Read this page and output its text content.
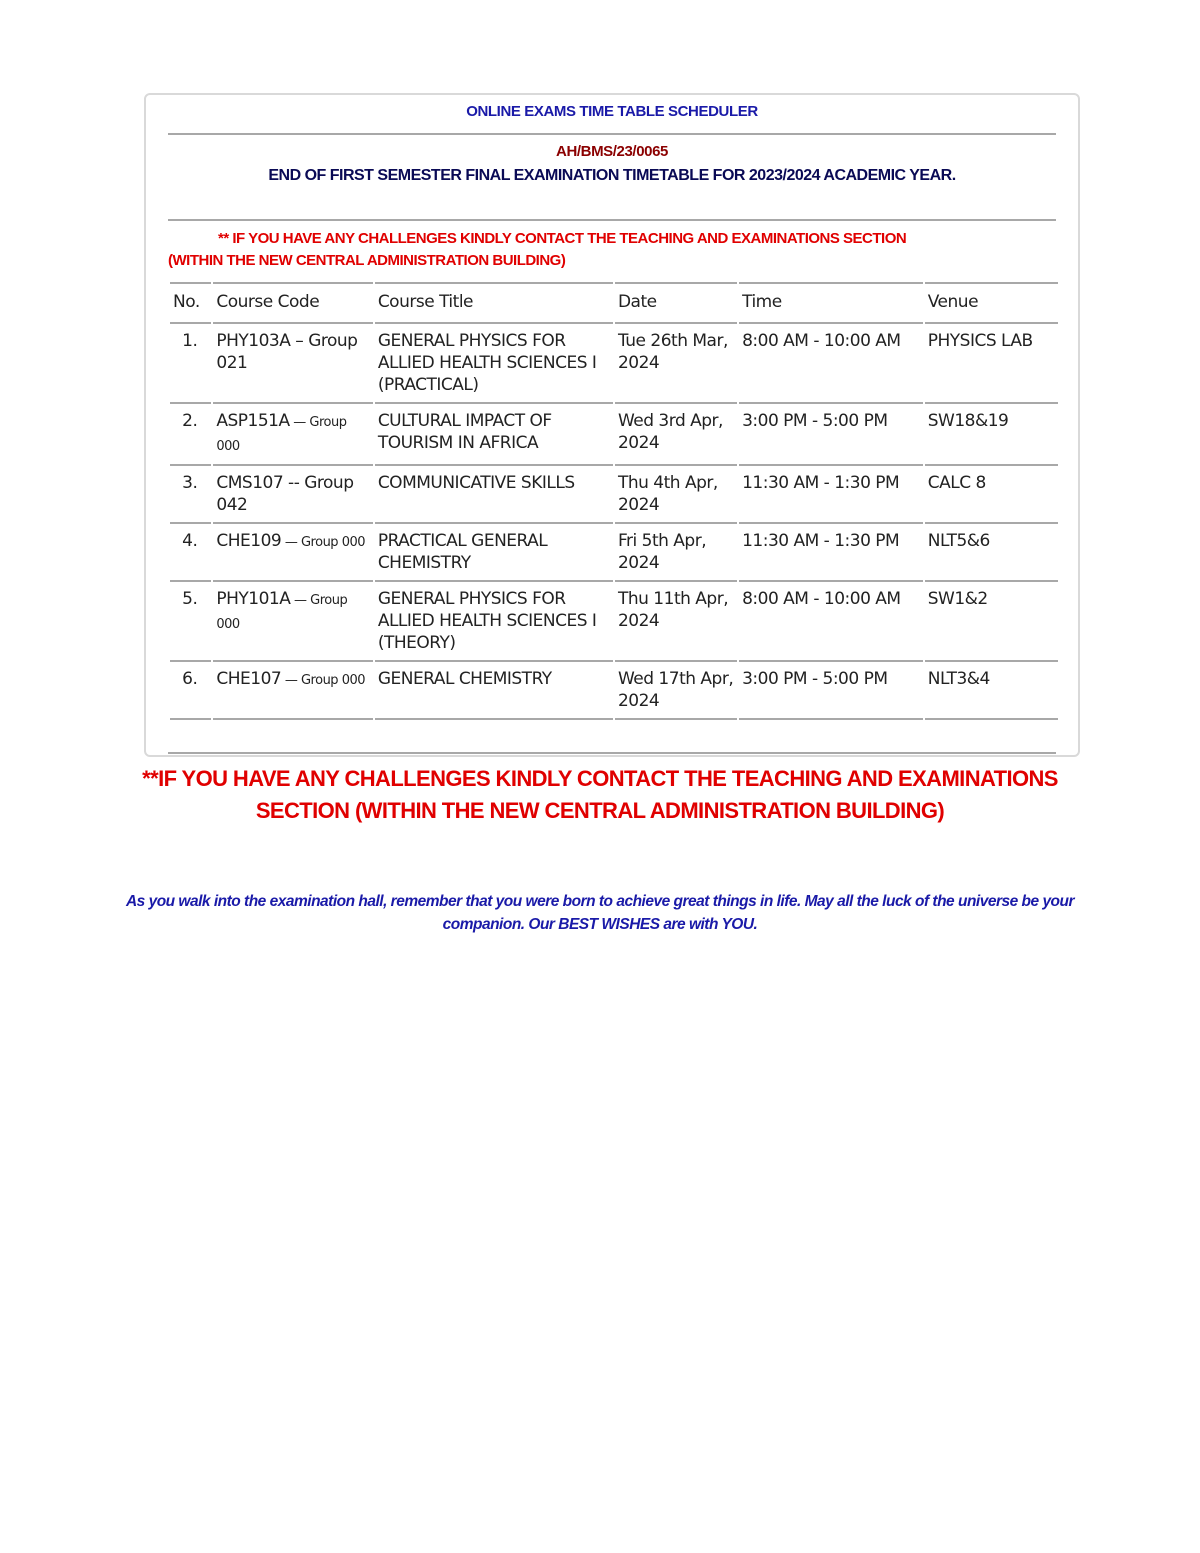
ONLINE EXAMS TIME TABLE SCHEDULER
AH/BMS/23/0065
END OF FIRST SEMESTER FINAL EXAMINATION TIMETABLE FOR 2023/2024 ACADEMIC YEAR.
** IF YOU HAVE ANY CHALLENGES KINDLY CONTACT THE TEACHING AND EXAMINATIONS SECTION (WITHIN THE NEW CENTRAL ADMINISTRATION BUILDING)
No.	Course Code	Course Title	Date	Time	Venue
1.	PHY103A – Group 021	GENERAL PHYSICS FOR ALLIED HEALTH SCIENCES I (PRACTICAL)	Tue 26th Mar, 2024	8:00 AM - 10:00 AM	PHYSICS LAB
2.	ASP151A — Group 000	CULTURAL IMPACT OF TOURISM IN AFRICA	Wed 3rd Apr, 2024	3:00 PM - 5:00 PM	SW18&19
3.	CMS107 -- Group 042	COMMUNICATIVE SKILLS	Thu 4th Apr, 2024	11:30 AM - 1:30 PM	CALC 8
4.	CHE109 — Group 000	PRACTICAL GENERAL CHEMISTRY	Fri 5th Apr, 2024	11:30 AM - 1:30 PM	NLT5&6
5.	PHY101A — Group 000	GENERAL PHYSICS FOR ALLIED HEALTH SCIENCES I (THEORY)	Thu 11th Apr, 2024	8:00 AM - 10:00 AM	SW1&2
6.	CHE107 — Group 000	GENERAL CHEMISTRY	Wed 17th Apr, 2024	3:00 PM - 5:00 PM	NLT3&4

**IF YOU HAVE ANY CHALLENGES KINDLY CONTACT THE TEACHING AND EXAMINATIONS SECTION (WITHIN THE NEW CENTRAL ADMINISTRATION BUILDING)
As you walk into the examination hall, remember that you were born to achieve great things in life. May all the luck of the universe be your companion. Our BEST WISHES are with YOU.
